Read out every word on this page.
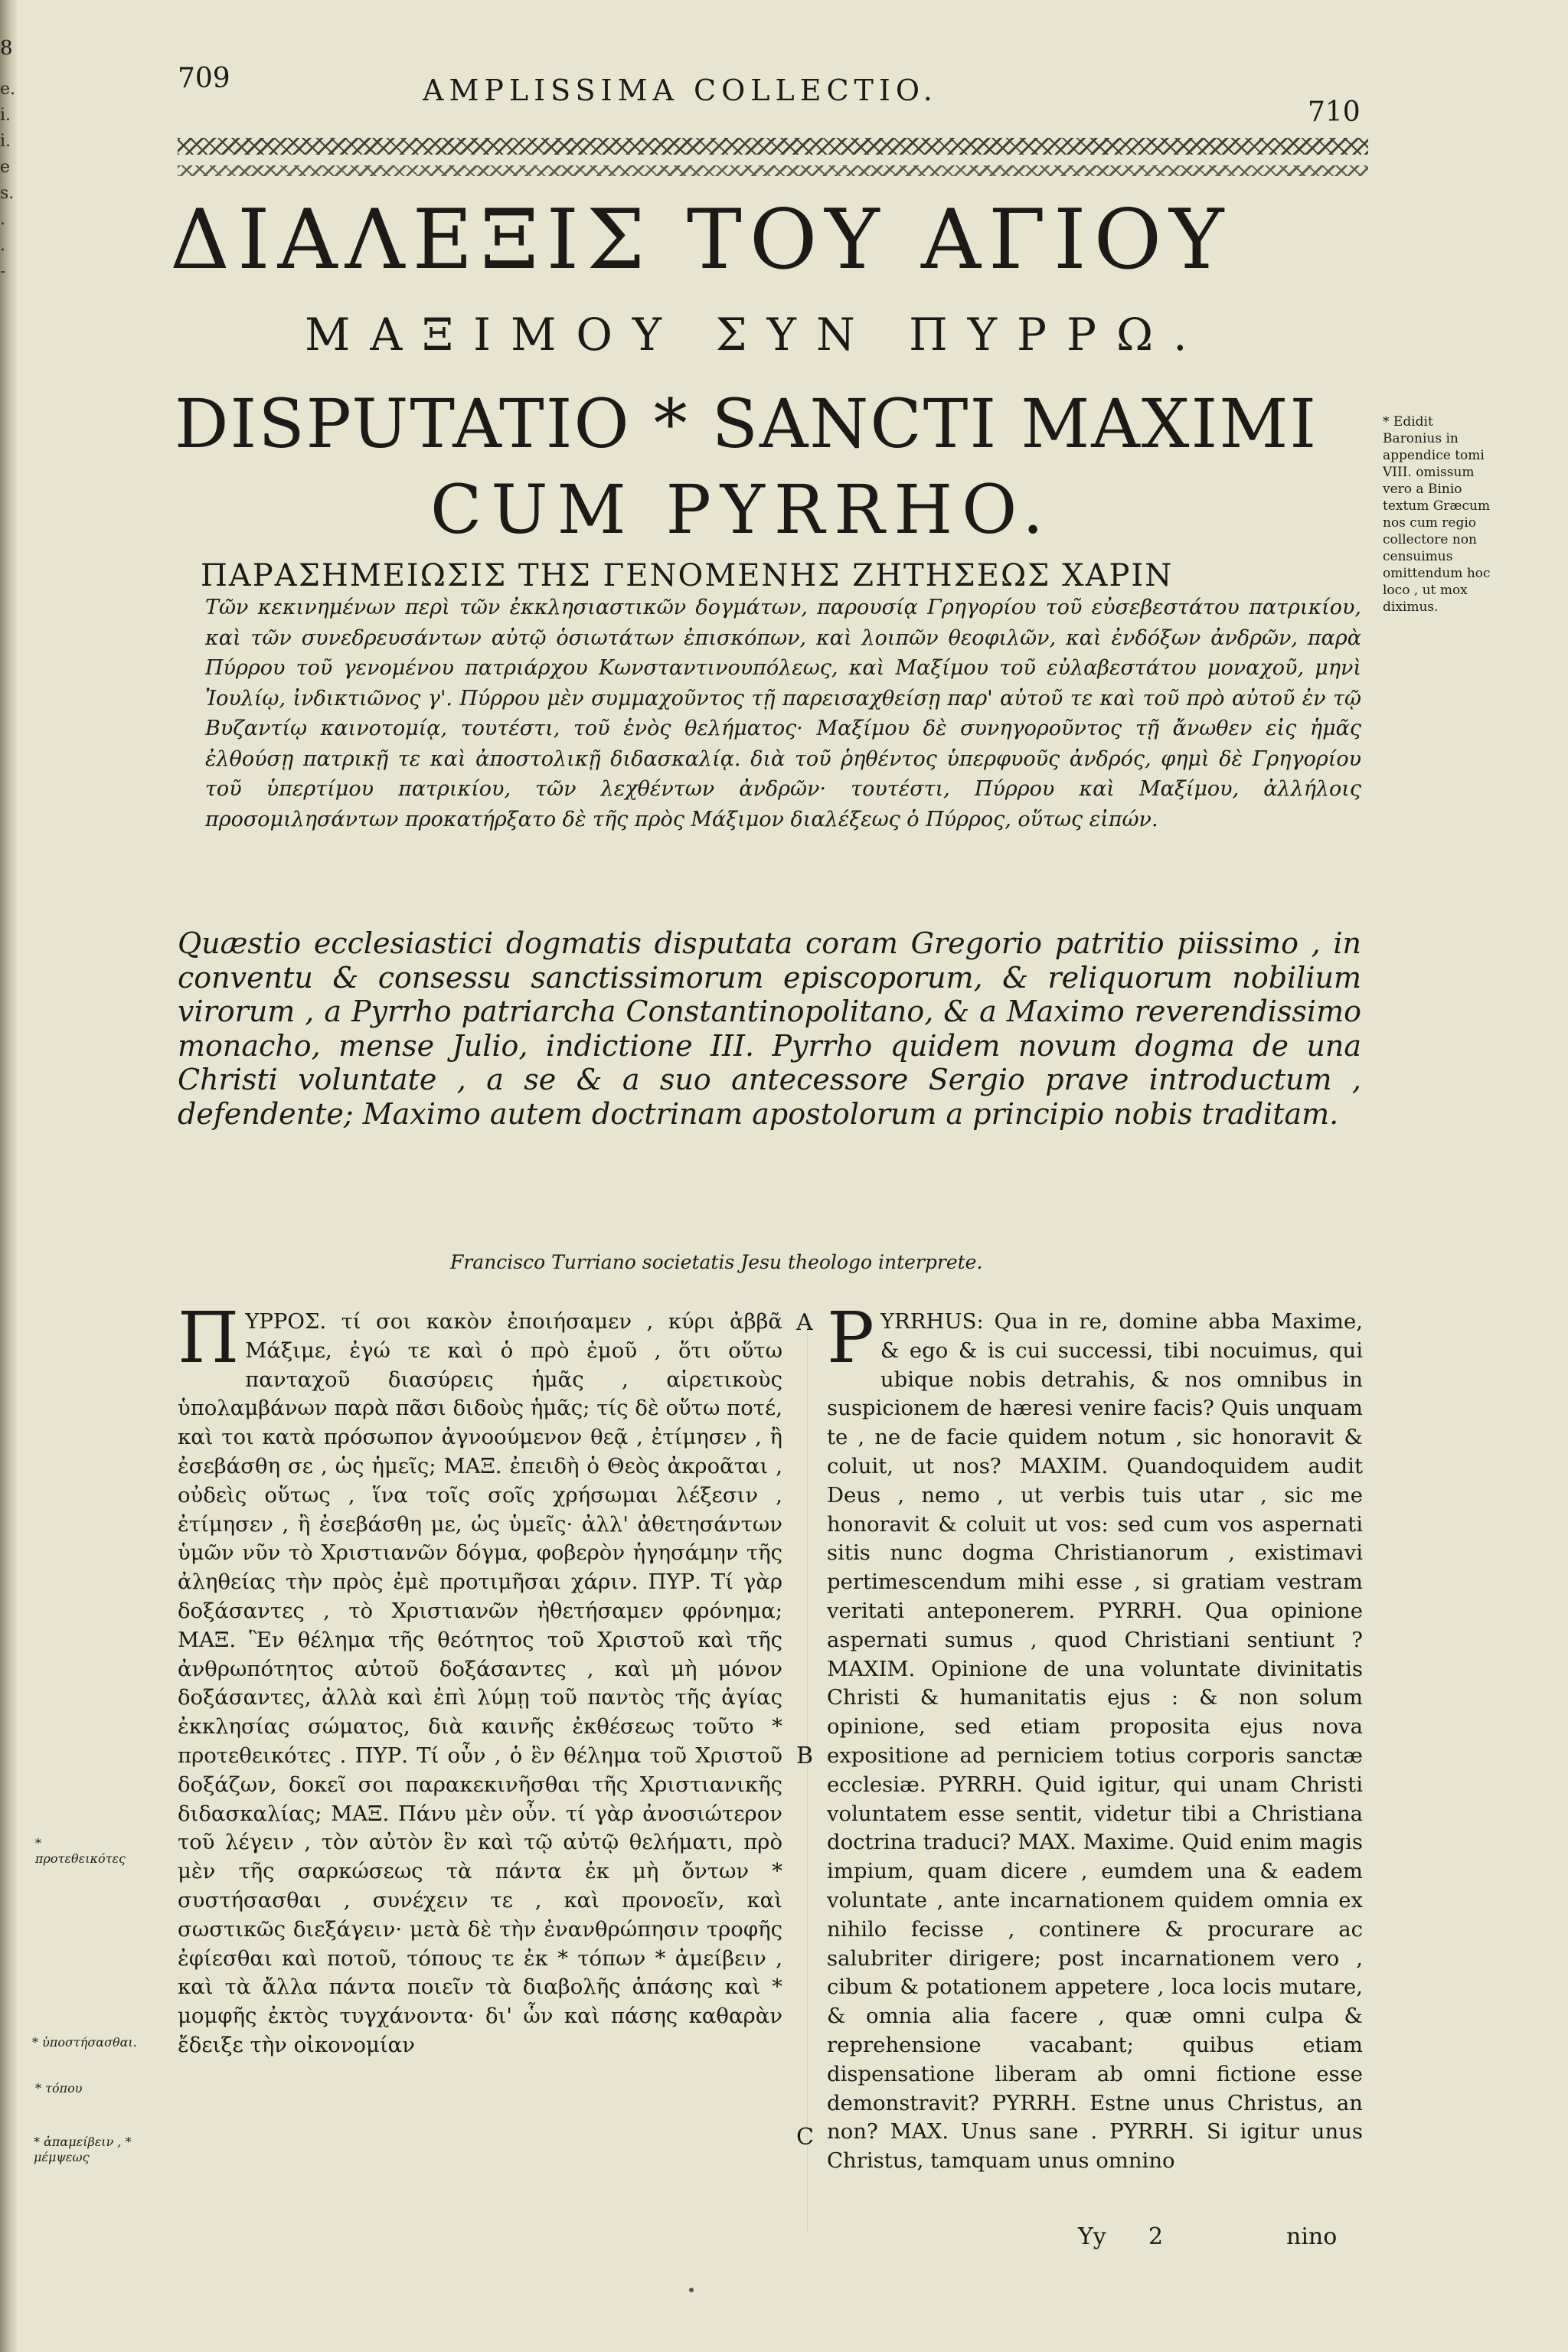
8
e.
i.
i.
e
s.
.
.
-
709	AMPLISSIMA COLLECTIO.
710
ΔΙΑΛΕΞΙΣ ΤΟΥ ΑΓΙΟΥ
ΜΑΞΙΜΟΥ ΣΥΝ ΠΥΡΡΩ.
DISPUTATIO * SANCTI MAXIMI
CUM PYRRHO.
* Edidit Baronius in appendice tomi VIII. omissum vero a Binio textum Græcum nos cum regio collectore non censuimus omittendum hoc loco , ut mox diximus.
ΠΑΡΑΣΗΜΕΙΩΣΙΣ ΤΗΣ ΓΕΝΟΜΕΝΗΣ ΖΗΤΗΣΕΩΣ ΧΑΡΙΝ
Τῶν κεκινημένων περὶ τῶν ἐκκλησιαστικῶν δογμάτων, παρουσίᾳ Γρηγορίου τοῦ εὐσεβεστάτου πατρικίου, καὶ τῶν συνεδρευσάντων αὐτῷ ὁσιωτάτων ἐπισκόπων, καὶ λοιπῶν θεοφιλῶν, καὶ ἐνδόξων ἀνδρῶν, παρὰ Πύρρου τοῦ γενομένου πατριάρχου Κωνσταντινουπόλεως, καὶ Μαξίμου τοῦ εὐλαβεστάτου μοναχοῦ, μηνὶ Ἰουλίῳ, ἰνδικτιῶνος γ'. Πύρρου μὲν συμμαχοῦντος τῇ παρεισαχθείσῃ παρ' αὐτοῦ τε καὶ τοῦ πρὸ αὐτοῦ ἐν τῷ Βυζαντίῳ καινοτομίᾳ, τουτέστι, τοῦ ἑνὸς θελήματος· Μαξίμου δὲ συνηγοροῦντος τῇ ἄνωθεν εἰς ἡμᾶς ἐλθούσῃ πατρικῇ τε καὶ ἀποστολικῇ διδασκαλίᾳ. διὰ τοῦ ῥηθέντος ὑπερφυοῦς ἀνδρός, φημὶ δὲ Γρηγορίου τοῦ ὑπερτίμου πατρικίου, τῶν λεχθέντων ἀνδρῶν· τουτέστι, Πύρρου καὶ Μαξίμου, ἀλλήλοις προσομιλησάντων προκατήρξατο δὲ τῆς πρὸς Μάξιμον διαλέξεως ὁ Πύρρος, οὕτως εἰπών.
Quæstio ecclesiastici dogmatis disputata coram Gregorio patritio piissimo , in conventu & consessu sanctissimorum episcoporum, & reliquorum nobilium virorum , a Pyrrho patriarcha Constantinopolitano, & a Maximo reverendissimo monacho, mense Julio, indictione III. Pyrrho quidem novum dogma de una Christi voluntate , a se & a suo antecessore Sergio prave introductum , defendente; Maximo autem doctrinam apostolorum a principio nobis traditam.
Francisco Turriano societatis Jesu theologo interprete.
Π ΥΡΡΟΣ. τί σοι κακὸν ἐποιήσαμεν , κύρι ἀββᾶ Μάξιμε, ἐγώ τε καὶ ὁ πρὸ ἐμοῦ , ὅτι οὕτω πανταχοῦ διασύρεις ἡμᾶς , αἱρετικοὺς ὑπολαμβάνων παρὰ πᾶσι διδοὺς ἡμᾶς; τίς δὲ οὕτω ποτέ, καὶ τοι κατὰ πρόσωπον ἀγνοούμενον θεᾷ , ἐτίμησεν , ἢ ἐσεβάσθη σε , ὡς ἡμεῖς; ΜΑΞ. ἐπειδὴ ὁ Θεὸς ἀκροᾶται , οὐδεὶς οὕτως , ἵνα τοῖς σοῖς χρήσωμαι λέξεσιν , ἐτίμησεν , ἢ ἐσεβάσθη με, ὡς ὑμεῖς· ἀλλ' ἀθετησάντων ὑμῶν νῦν τὸ Χριστιανῶν δόγμα, φοβερὸν ἡγησάμην τῆς ἀληθείας τὴν πρὸς ἐμὲ προτιμῆσαι χάριν. ΠΥΡ. Τί γὰρ δοξάσαντες , τὸ Χριστιανῶν ἠθετήσαμεν φρόνημα; ΜΑΞ. Ἓν θέλημα τῆς θεότητος τοῦ Χριστοῦ καὶ τῆς ἀνθρωπότητος αὐτοῦ δοξάσαντες , καὶ μὴ μόνον δοξάσαντες, ἀλλὰ καὶ ἐπὶ λύμῃ τοῦ παντὸς τῆς ἁγίας ἐκκλησίας σώματος, διὰ καινῆς ἐκθέσεως τοῦτο * προτεθεικότες . ΠΥΡ. Τί οὖν , ὁ ἓν θέλημα τοῦ Χριστοῦ δοξάζων, δοκεῖ σοι παρακεκινῆσθαι τῆς Χριστιανικῆς διδασκαλίας; ΜΑΞ. Πάνυ μὲν οὖν. τί γὰρ ἀνοσιώτερον τοῦ λέγειν , τὸν αὐτὸν ἓν καὶ τῷ αὐτῷ θελήματι, πρὸ μὲν τῆς σαρκώσεως τὰ πάντα ἐκ μὴ ὄντων * συστήσασθαι , συνέχειν τε , καὶ προνοεῖν, καὶ σωστικῶς διεξάγειν· μετὰ δὲ τὴν ἐνανθρώπησιν τροφῆς ἐφίεσθαι καὶ ποτοῦ, τόπους τε ἐκ * τόπων * ἀμείβειν , καὶ τὰ ἄλλα πάντα ποιεῖν τὰ διαβολῆς ἁπάσης καὶ * μομφῆς ἐκτὸς τυγχάνοντα· δι' ὧν καὶ πάσης καθαρὰν ἔδειξε τὴν οἰκονομίαν
P YRRHUS: Qua in re, domine abba Maxime, & ego & is cui successi, tibi nocuimus, qui ubique nobis detrahis, & nos omnibus in suspicionem de hæresi venire facis? Quis unquam te , ne de facie quidem notum , sic honoravit & coluit, ut nos? MAXIM. Quandoquidem audit Deus , nemo , ut verbis tuis utar , sic me honoravit & coluit ut vos: sed cum vos aspernati sitis nunc dogma Christianorum , existimavi pertimescendum mihi esse , si gratiam vestram veritati anteponerem. PYRRH. Qua opinione aspernati sumus , quod Christiani sentiunt ? MAXIM. Opinione de una voluntate divinitatis Christi & humanitatis ejus : & non solum opinione, sed etiam proposita ejus nova expositione ad perniciem totius corporis sanctæ ecclesiæ. PYRRH. Quid igitur, qui unam Christi voluntatem esse sentit, videtur tibi a Christiana doctrina traduci? MAX. Maxime. Quid enim magis impium, quam dicere , eumdem una & eadem voluntate , ante incarnationem quidem omnia ex nihilo fecisse , continere & procurare ac salubriter dirigere; post incarnationem vero , cibum & potationem appetere , loca locis mutare, & omnia alia facere , quæ omni culpa & reprehensione vacabant; quibus etiam dispensatione liberam ab omni fictione esse demonstravit? PYRRH. Estne unus Christus, an non? MAX. Unus sane . PYRRH. Si igitur unus Christus, tamquam unus omnino
A
B
C
* προτεθεικότες
* ὑποστήσασθαι.
* τόπου
* ἀπαμείβειν , * μέμψεως
Yy 2	nino
